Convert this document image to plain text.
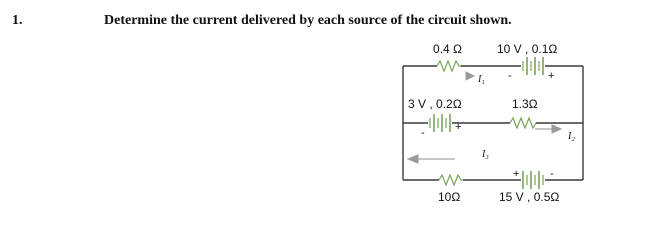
1.	Determine the current delivered by each source of the circuit shown.
0.4 Ω	10 V , 0.1Ω
-	+
I₁
3 V , 0.2Ω
-	+
1.3Ω
I₂
I₃
10Ω
+	-
15 V , 0.5Ω
